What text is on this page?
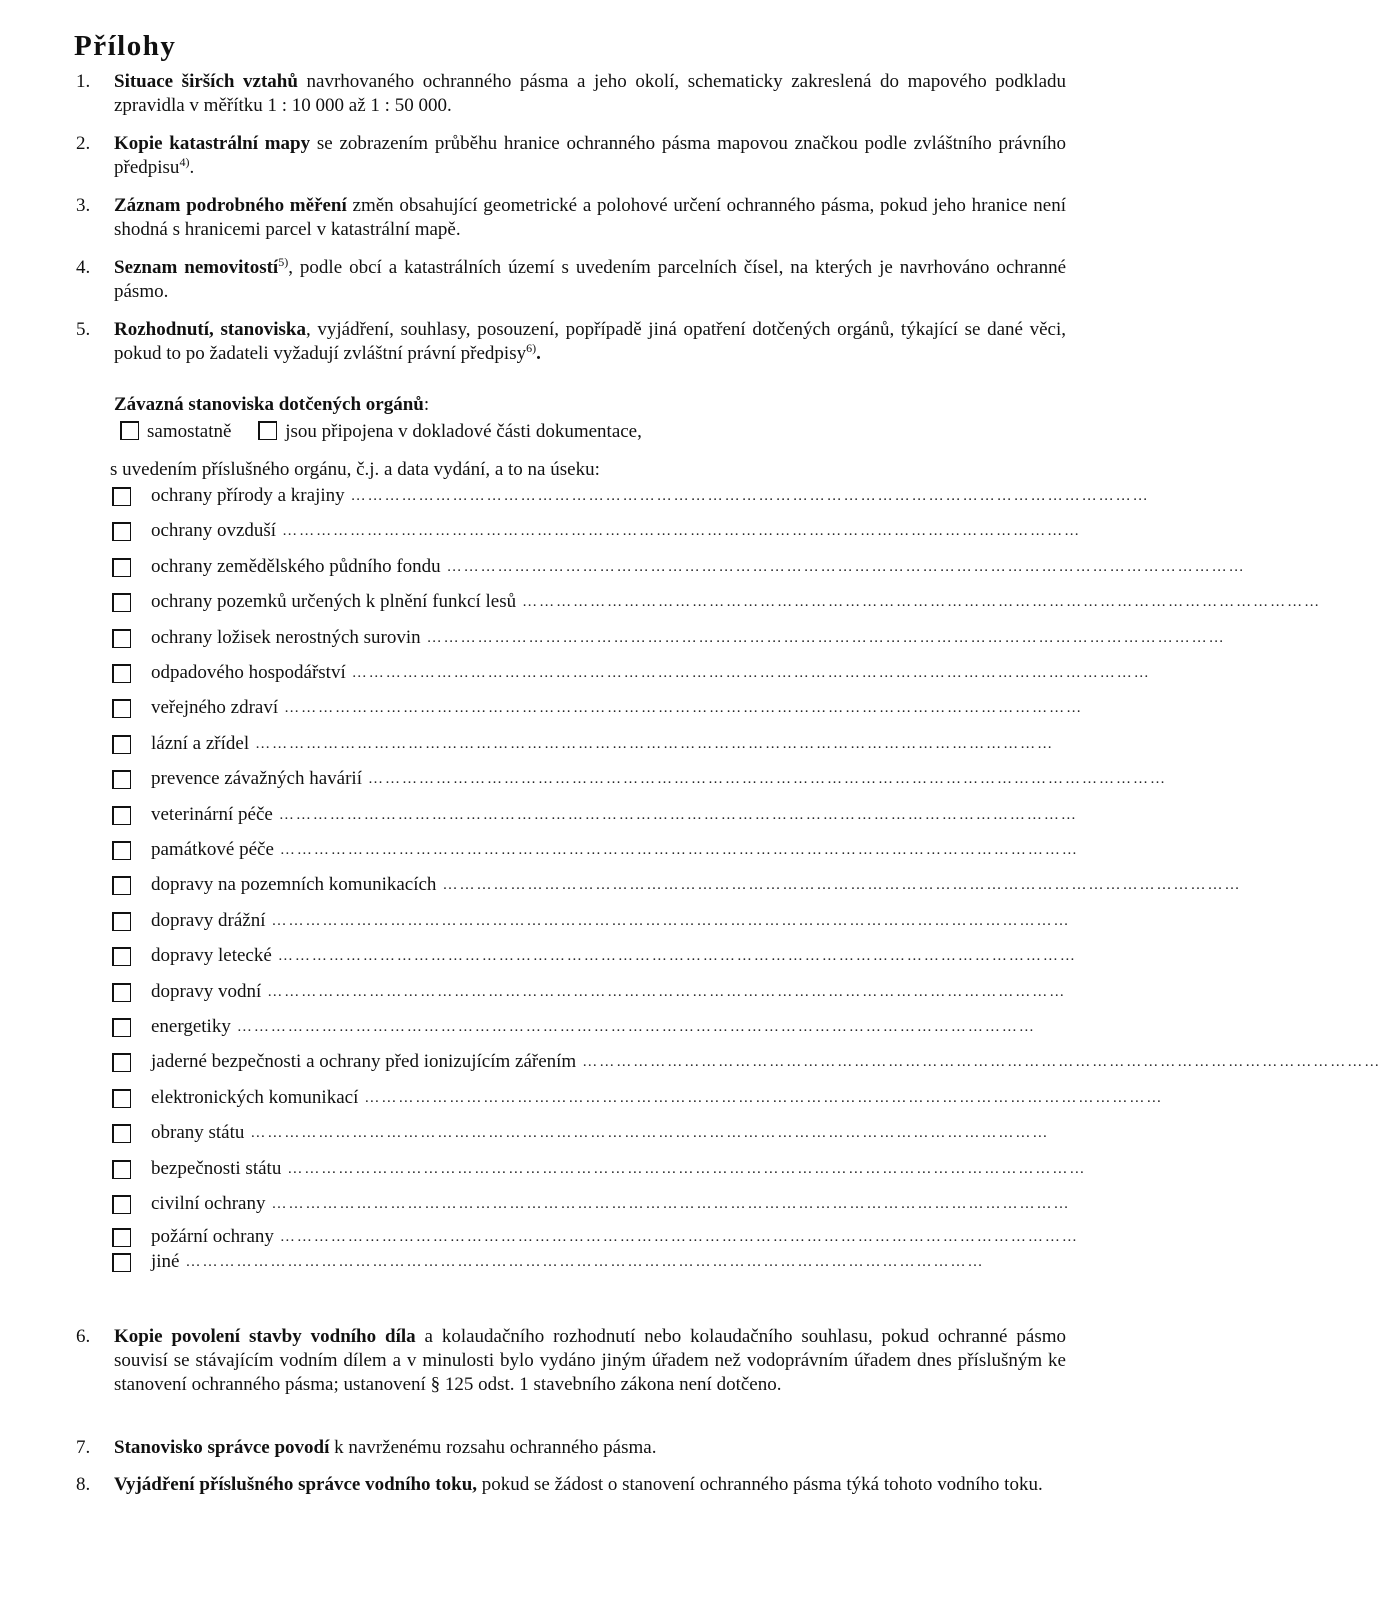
Přílohy
1.	Situace širších vztahů navrhovaného ochranného pásma a jeho okolí, schematicky zakreslená do mapového podkladu zpravidla v měřítku 1 : 10 000 až 1 : 50 000.
2.	Kopie katastrální mapy se zobrazením průběhu hranice ochranného pásma mapovou značkou podle zvláštního právního předpisu$^{4)}$.
3.	Záznam podrobného měření změn obsahující geometrické a polohové určení ochranného pásma, pokud jeho hranice není shodná s hranicemi parcel v katastrální mapě.
4.	Seznam nemovitostí$^{5)}$, podle obcí a katastrálních území s uvedením parcelních čísel, na kterých je navrhováno ochranné pásmo.
5.	Rozhodnutí, stanoviska, vyjádření, souhlasy, posouzení, popřípadě jiná opatření dotčených orgánů, týkající se dané věci, pokud to po žadateli vyžadují zvláštní právní předpisy$^{6)}$.
Závazná stanoviska dotčených orgánů:
samostatně	jsou připojena v dokladové části dokumentace,
s uvedením příslušného orgánu, č.j. a data vydání, a to na úseku:
ochrany přírody a krajiny ……………………………………………………………………………………………………………………………
ochrany ovzduší ……………………………………………………………………………………………………………………………
ochrany zemědělského půdního fondu ……………………………………………………………………………………………………………………………
ochrany pozemků určených k plnění funkcí lesů ……………………………………………………………………………………………………………………………
ochrany ložisek nerostných surovin ……………………………………………………………………………………………………………………………
odpadového hospodářství ……………………………………………………………………………………………………………………………
veřejného zdraví ……………………………………………………………………………………………………………………………
lázní a zřídel ……………………………………………………………………………………………………………………………
prevence závažných havárií ……………………………………………………………………………………………………………………………
veterinární péče ……………………………………………………………………………………………………………………………
památkové péče ……………………………………………………………………………………………………………………………
dopravy na pozemních komunikacích ……………………………………………………………………………………………………………………………
dopravy drážní ……………………………………………………………………………………………………………………………
dopravy letecké ……………………………………………………………………………………………………………………………
dopravy vodní ……………………………………………………………………………………………………………………………
energetiky ……………………………………………………………………………………………………………………………
jaderné bezpečnosti a ochrany před ionizujícím zářením ……………………………………………………………………………………………………………………………
elektronických komunikací ……………………………………………………………………………………………………………………………
obrany státu ……………………………………………………………………………………………………………………………
bezpečnosti státu ……………………………………………………………………………………………………………………………
civilní ochrany ……………………………………………………………………………………………………………………………
požární ochrany ……………………………………………………………………………………………………………………………
jiné ……………………………………………………………………………………………………………………………
6.	Kopie povolení stavby vodního díla a kolaudačního rozhodnutí nebo kolaudačního souhlasu, pokud ochranné pásmo souvisí se stávajícím vodním dílem a v minulosti bylo vydáno jiným úřadem než vodoprávním úřadem dnes příslušným ke stanovení ochranného pásma; ustanovení § 125 odst. 1 stavebního zákona není dotčeno.
7.	Stanovisko správce povodí k navrženému rozsahu ochranného pásma.
8.	Vyjádření příslušného správce vodního toku, pokud se žádost o stanovení ochranného pásma týká tohoto vodního toku.
